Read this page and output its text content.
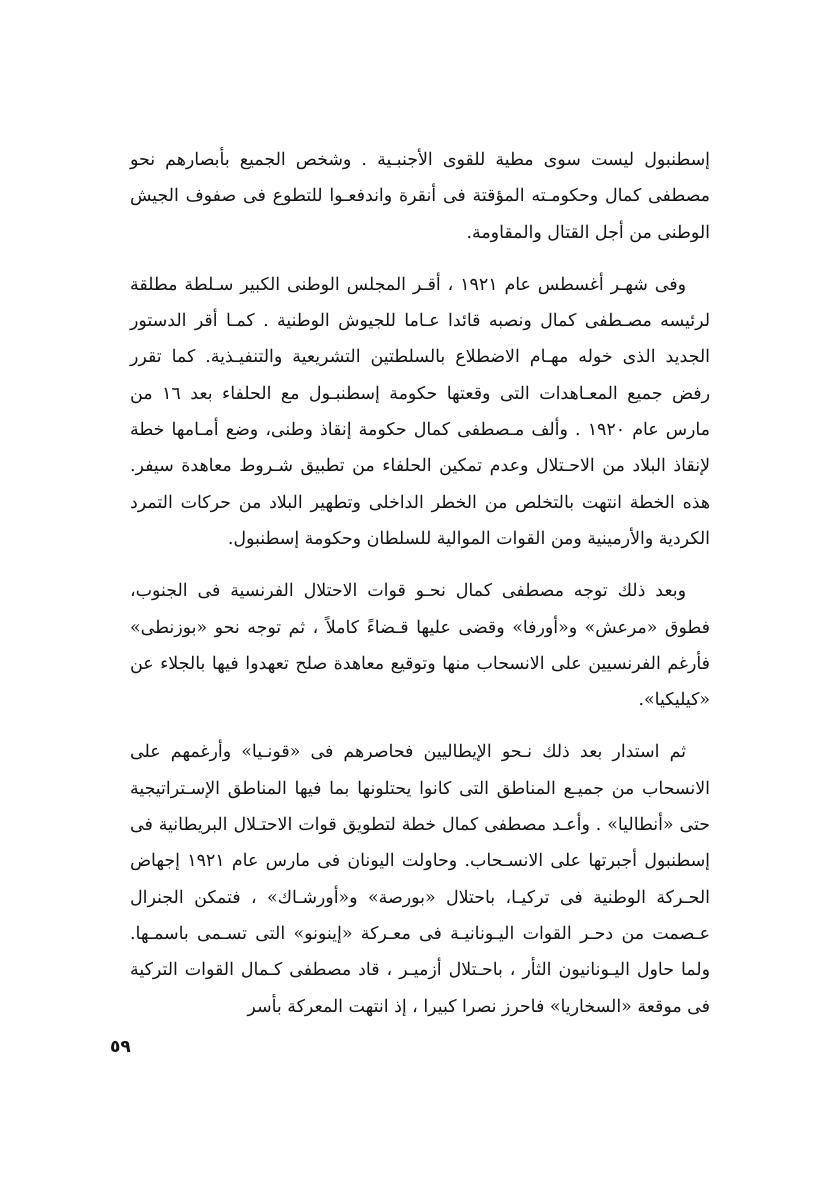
إسطنبول ليست سوى مطية للقوى الأجنبـية . وشخص الجميع بأبصارهم نحو مصطفى كمال وحكومـته المؤقتة فى أنقرة واندفعـوا للتطوع فى صفوف الجيش الوطنى من أجل القتال والمقاومة.

وفى شهـر أغسطس عام ١٩٢١ ، أقـر المجلس الوطنى الكبير سـلطة مطلقة لرئيسه مصـطفى كمال ونصبه قائدا عـاما للجيوش الوطنية . كمـا أقر الدستور الجديد الذى خوله مهـام الاضطلاع بالسلطتين التشريعية والتنفيـذية. كما تقرر رفض جميع المعـاهدات التى وقعتها حكومة إسطنبـول مع الحلفاء بعد ١٦ من مارس عام ١٩٢٠ . وألف مـصطفى كمال حكومة إنقاذ وطنى، وضع أمـامها خطة لإنقاذ البلاد من الاحـتلال وعدم تمكين الحلفاء من تطبيق شـروط معاهدة سيفر. هذه الخطة انتهت بالتخلص من الخطر الداخلى وتطهير البلاد من حركات التمرد الكردية والأرمينية ومن القوات الموالية للسلطان وحكومة إسطنبول.

وبعد ذلك توجه مصطفى كمال نحـو قوات الاحتلال الفرنسية فى الجنوب، فطوق «مرعش» و«أورفا» وقضى عليها قـضاءً كاملاً ، ثم توجه نحو «بوزنطى» فأرغم الفرنسيين على الانسحاب منها وتوقيع معاهدة صلح تعهدوا فيها بالجلاء عن «كيليكيا».

ثم استدار بعد ذلك نـحو الإيطاليين فحاصرهم فى «قونـيا» وأرغمهم على الانسحاب من جميـع المناطق التى كانوا يحتلونها بما فيها المناطق الإسـتراتيجية حتى «أنطاليا» . وأعـد مصطفى كمال خطة لتطويق قوات الاحتـلال البريطانية فى إسطنبول أجبرتها على الانسـحاب. وحاولت اليونان فى مارس عام ١٩٢١ إجهاض الحـركة الوطنية فى تركيـا، باحتلال «بورصة» و«أورشـاك» ، فتمكن الجنرال عـصمت من دحـر القوات اليـونانيـة فى معـركة «إينونو» التى تسـمى باسمـها. ولما حاول اليـونانيون الثأر ، باحـتلال أزميـر ، قاد مصطفى كـمال القوات التركية فى موقعة «السخاريا» فاحرز نصرا كبيرا ، إذ انتهت المعركة بأسر

٥٩
